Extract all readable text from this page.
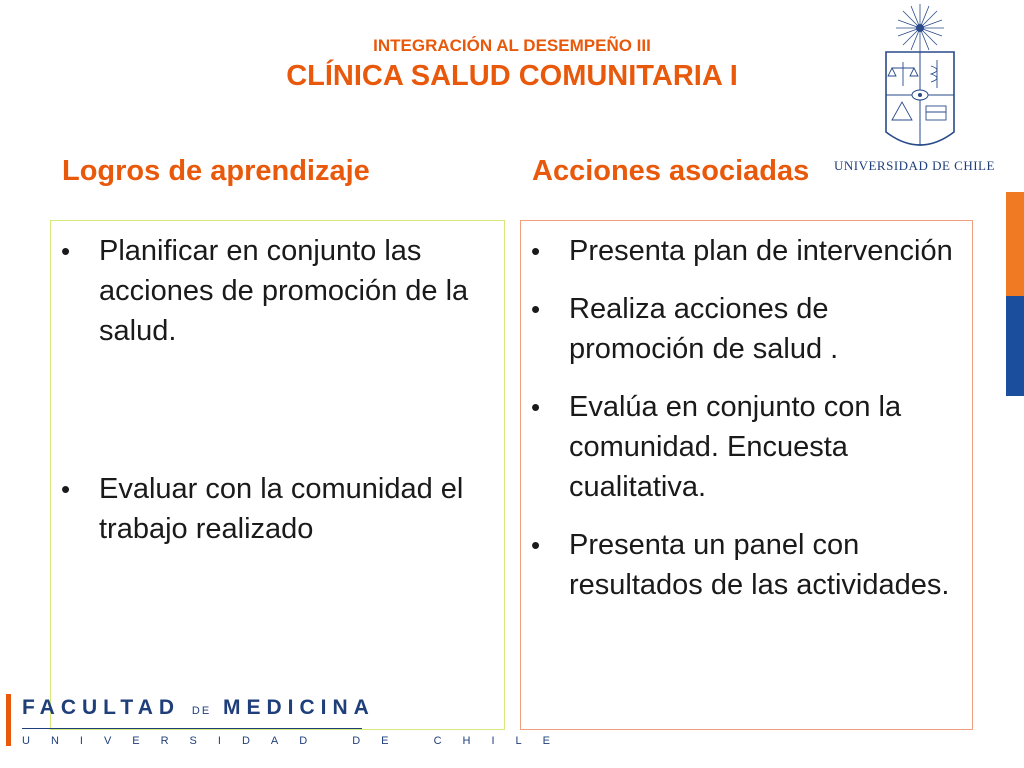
INTEGRACIÓN AL DESEMPEÑO III
CLÍNICA SALUD COMUNITARIA I
Logros de aprendizaje	Acciones asociadas UNIVERSIDAD DE CHILE
• Planificar en conjunto las acciones de promoción de la salud.
• Evaluar con la comunidad el trabajo realizado
• Presenta plan de intervención
• Realiza acciones de promoción de salud .
• Evalúa en conjunto con la comunidad. Encuesta cualitativa.
• Presenta un panel con resultados de las actividades.
FACULTAD DE MEDICINA
UNIVERSIDAD DE CHILE
